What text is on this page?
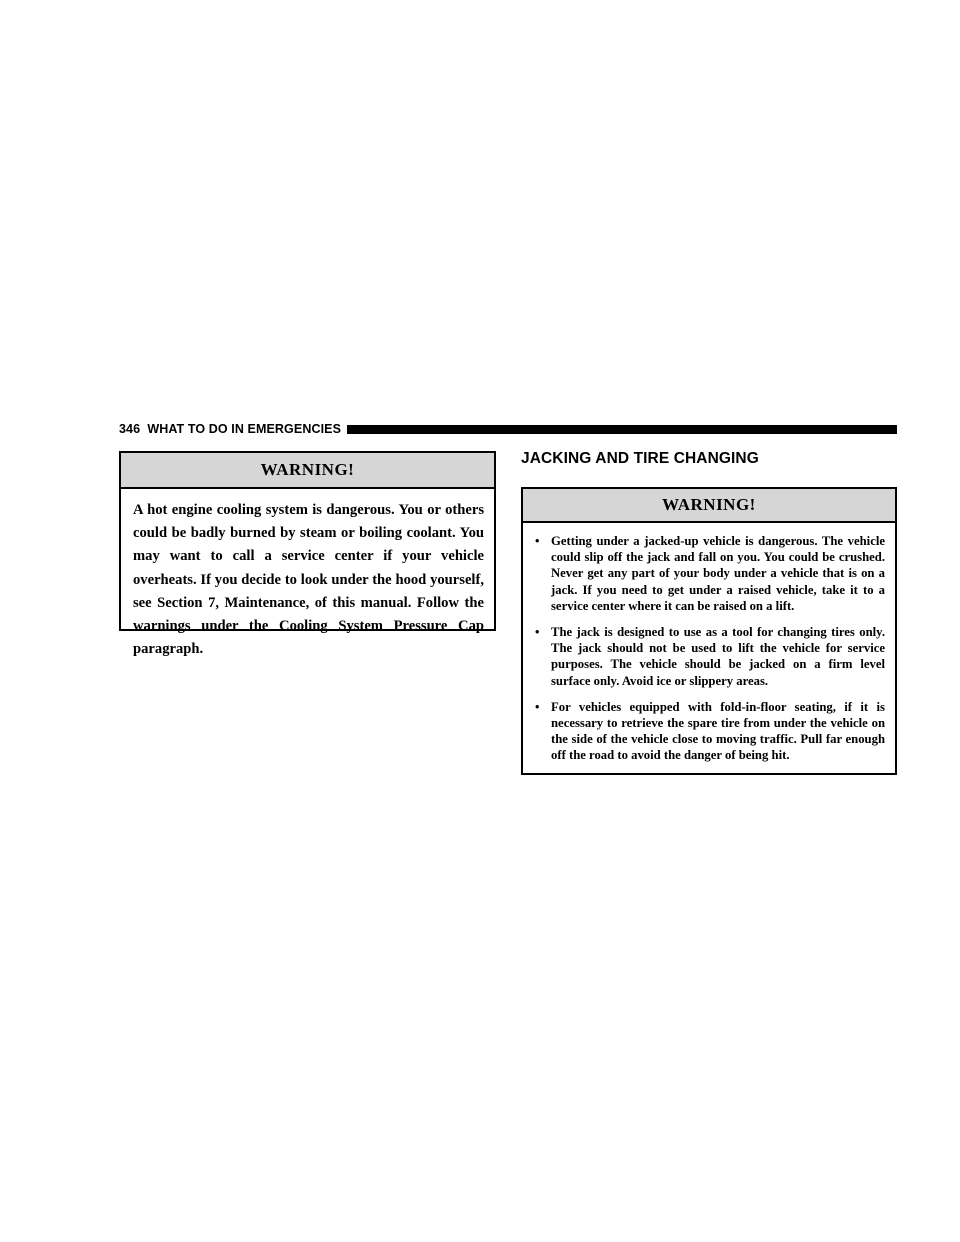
346 WHAT TO DO IN EMERGENCIES
WARNING!
A hot engine cooling system is dangerous. You or others could be badly burned by steam or boiling coolant. You may want to call a service center if your vehicle overheats. If you decide to look under the hood yourself, see Section 7, Maintenance, of this manual. Follow the warnings under the Cooling System Pressure Cap paragraph.
JACKING AND TIRE CHANGING
WARNING!
• Getting under a jacked-up vehicle is dangerous. The vehicle could slip off the jack and fall on you. You could be crushed. Never get any part of your body under a vehicle that is on a jack. If you need to get under a raised vehicle, take it to a service center where it can be raised on a lift.
• The jack is designed to use as a tool for changing tires only. The jack should not be used to lift the vehicle for service purposes. The vehicle should be jacked on a firm level surface only. Avoid ice or slippery areas.
• For vehicles equipped with fold-in-floor seating, if it is necessary to retrieve the spare tire from under the vehicle on the side of the vehicle close to moving traffic. Pull far enough off the road to avoid the danger of being hit.
